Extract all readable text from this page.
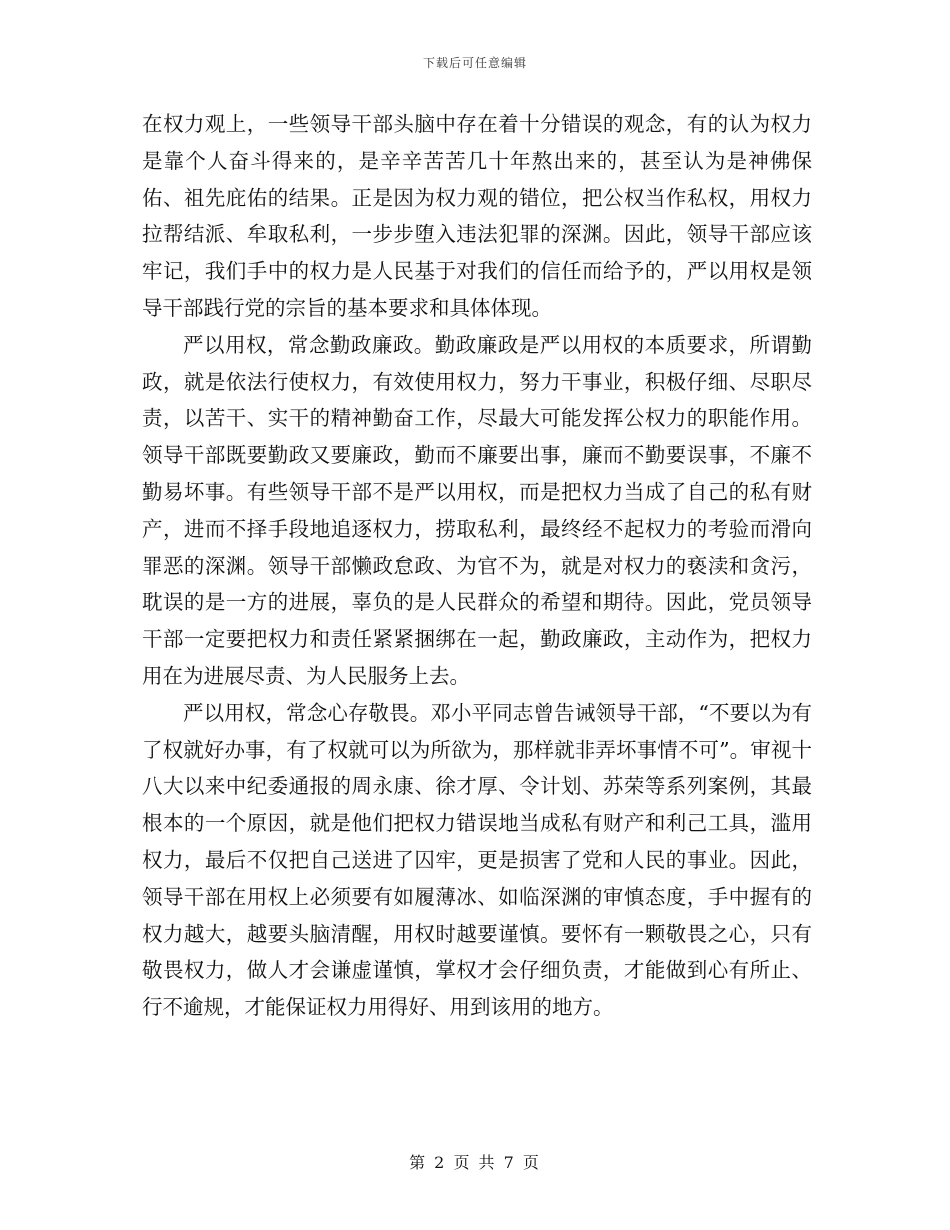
下载后可任意编辑

在权力观上，一些领导干部头脑中存在着十分错误的观念，有的认为权力是靠个人奋斗得来的，是辛辛苦苦几十年熬出来的，甚至认为是神佛保佑、祖先庇佑的结果。正是因为权力观的错位，把公权当作私权，用权力拉帮结派、牟取私利，一步步堕入违法犯罪的深渊。因此，领导干部应该牢记，我们手中的权力是人民基于对我们的信任而给予的，严以用权是领导干部践行党的宗旨的基本要求和具体体现。

严以用权，常念勤政廉政。勤政廉政是严以用权的本质要求，所谓勤政，就是依法行使权力，有效使用权力，努力干事业，积极仔细、尽职尽责，以苦干、实干的精神勤奋工作，尽最大可能发挥公权力的职能作用。领导干部既要勤政又要廉政，勤而不廉要出事，廉而不勤要误事，不廉不勤易坏事。有些领导干部不是严以用权，而是把权力当成了自己的私有财产，进而不择手段地追逐权力，捞取私利，最终经不起权力的考验而滑向罪恶的深渊。领导干部懒政怠政、为官不为，就是对权力的亵渎和贪污，耽误的是一方的进展，辜负的是人民群众的希望和期待。因此，党员领导干部一定要把权力和责任紧紧捆绑在一起，勤政廉政，主动作为，把权力用在为进展尽责、为人民服务上去。

严以用权，常念心存敬畏。邓小平同志曾告诫领导干部，“不要以为有了权就好办事，有了权就可以为所欲为，那样就非弄坏事情不可”。审视十八大以来中纪委通报的周永康、徐才厚、令计划、苏荣等系列案例，其最根本的一个原因，就是他们把权力错误地当成私有财产和利己工具，滥用权力，最后不仅把自己送进了囚牢，更是损害了党和人民的事业。因此，领导干部在用权上必须要有如履薄冰、如临深渊的审慎态度，手中握有的权力越大，越要头脑清醒，用权时越要谨慎。要怀有一颗敬畏之心，只有敬畏权力，做人才会谦虚谨慎，掌权才会仔细负责，才能做到心有所止、行不逾规，才能保证权力用得好、用到该用的地方。

第 2 页 共 7 页
